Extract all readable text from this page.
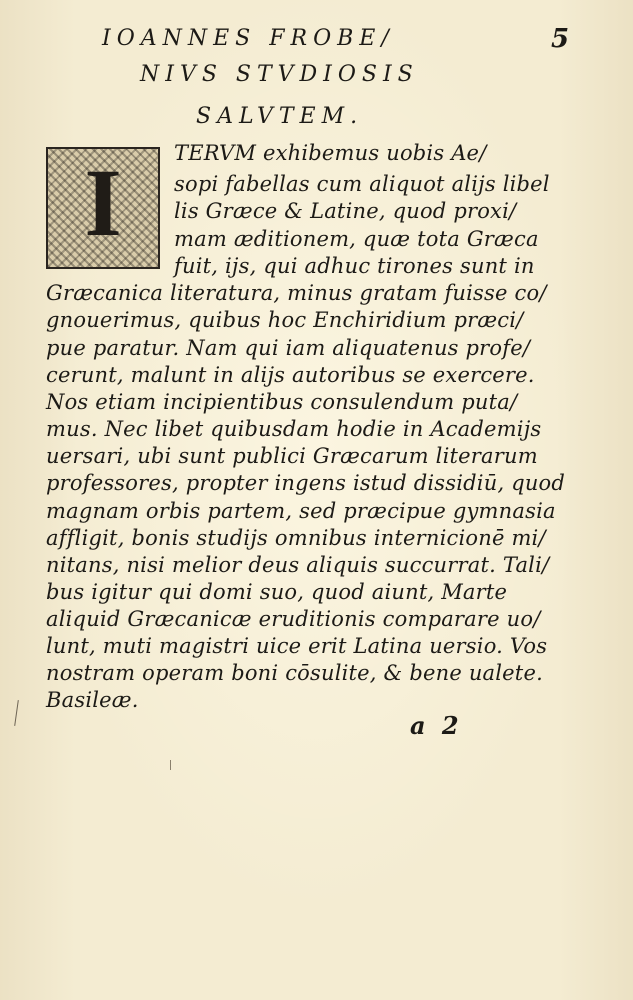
5
IOANNES FROBE/
NIVS STVDIOSIS
SALVTEM.
I	TERVM exhibemus uobis Ae/
sopi fabellas cum aliquot alijs libel
lis Græce & Latine, quod proxi/
mam æditionem, quæ tota Græca
fuit, ijs, qui adhuc tirones sunt in
Græcanica literatura, minus gratam fuisse co/
gnouerimus, quibus hoc Enchiridium præci/
pue paratur. Nam qui iam aliquatenus profe/
cerunt, malunt in alijs autoribus se exercere.
Nos etiam incipientibus consulendum puta/
mus. Nec libet quibusdam hodie in Academijs
uersari, ubi sunt publici Græcarum literarum
professores, propter ingens istud dissidiū, quod
magnam orbis partem, sed præcipue gymnasia
affligit, bonis studijs omnibus internicionē mi/
nitans, nisi melior deus aliquis succurrat. Tali/
bus igitur qui domi suo, quod aiunt, Marte
aliquid Græcanicæ eruditionis comparare uo/
lunt, muti magistri uice erit Latina uersio. Vos
nostram operam boni cōsulite, & bene ualete.
Basileæ.
a 2
